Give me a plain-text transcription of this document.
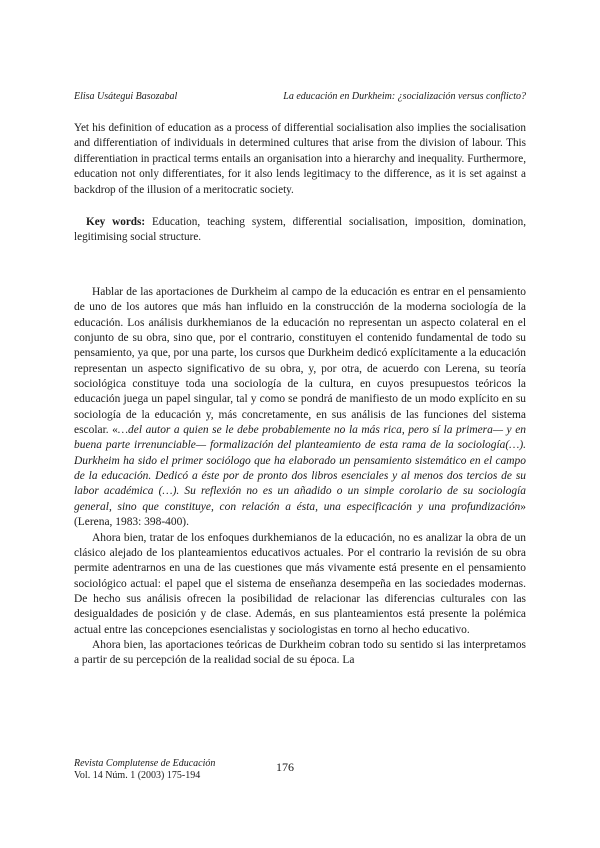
Elisa Usátegui Basozabal	La educación en Durkheim: ¿socialización versus conflicto?
Yet his definition of education as a process of differential socialisation also implies the socialisation and differentiation of individuals in determined cultures that arise from the division of labour. This differentiation in practical terms entails an organisation into a hierarchy and inequality. Furthermore, education not only differentiates, for it also lends legitimacy to the difference, as it is set against a backdrop of the illusion of a meritocratic society.
Key words: Education, teaching system, differential socialisation, imposition, domination, legitimising social structure.

Hablar de las aportaciones de Durkheim al campo de la educación es entrar en el pensamiento de uno de los autores que más han influido en la construcción de la moderna sociología de la educación. Los análisis durkhemianos de la educación no representan un aspecto colateral en el conjunto de su obra, sino que, por el contrario, constituyen el contenido fundamental de todo su pensamiento, ya que, por una parte, los cursos que Durkheim dedicó explícitamente a la educación representan un aspecto significativo de su obra, y, por otra, de acuerdo con Lerena, su teoría sociológica constituye toda una sociología de la cultura, en cuyos presupuestos teóricos la educación juega un papel singular, tal y como se pondrá de manifiesto de un modo explícito en su sociología de la educación y, más concretamente, en sus análisis de las funciones del sistema escolar. «…del autor a quien se le debe probablemente no la más rica, pero sí la primera— y en buena parte irrenunciable— formalización del planteamiento de esta rama de la sociología(…). Durkheim ha sido el primer sociólogo que ha elaborado un pensamiento sistemático en el campo de la educación. Dedicó a éste por de pronto dos libros esenciales y al menos dos tercios de su labor académica (…). Su reflexión no es un añadido o un simple corolario de su sociología general, sino que constituye, con relación a ésta, una especificación y una profundización» (Lerena, 1983: 398-400).

Ahora bien, tratar de los enfoques durkhemianos de la educación, no es analizar la obra de un clásico alejado de los planteamientos educativos actuales. Por el contrario la revisión de su obra permite adentrarnos en una de las cuestiones que más vivamente está presente en el pensamiento sociológico actual: el papel que el sistema de enseñanza desempeña en las sociedades modernas. De hecho sus análisis ofrecen la posibilidad de relacionar las diferencias culturales con las desigualdades de posición y de clase. Además, en sus planteamientos está presente la polémica actual entre las concepciones esencialistas y sociologistas en torno al hecho educativo.

Ahora bien, las aportaciones teóricas de Durkheim cobran todo su sentido si las interpretamos a partir de su percepción de la realidad social de su época. La

Revista Complutense de Educación
Vol. 14 Núm. 1 (2003) 175-194
176
